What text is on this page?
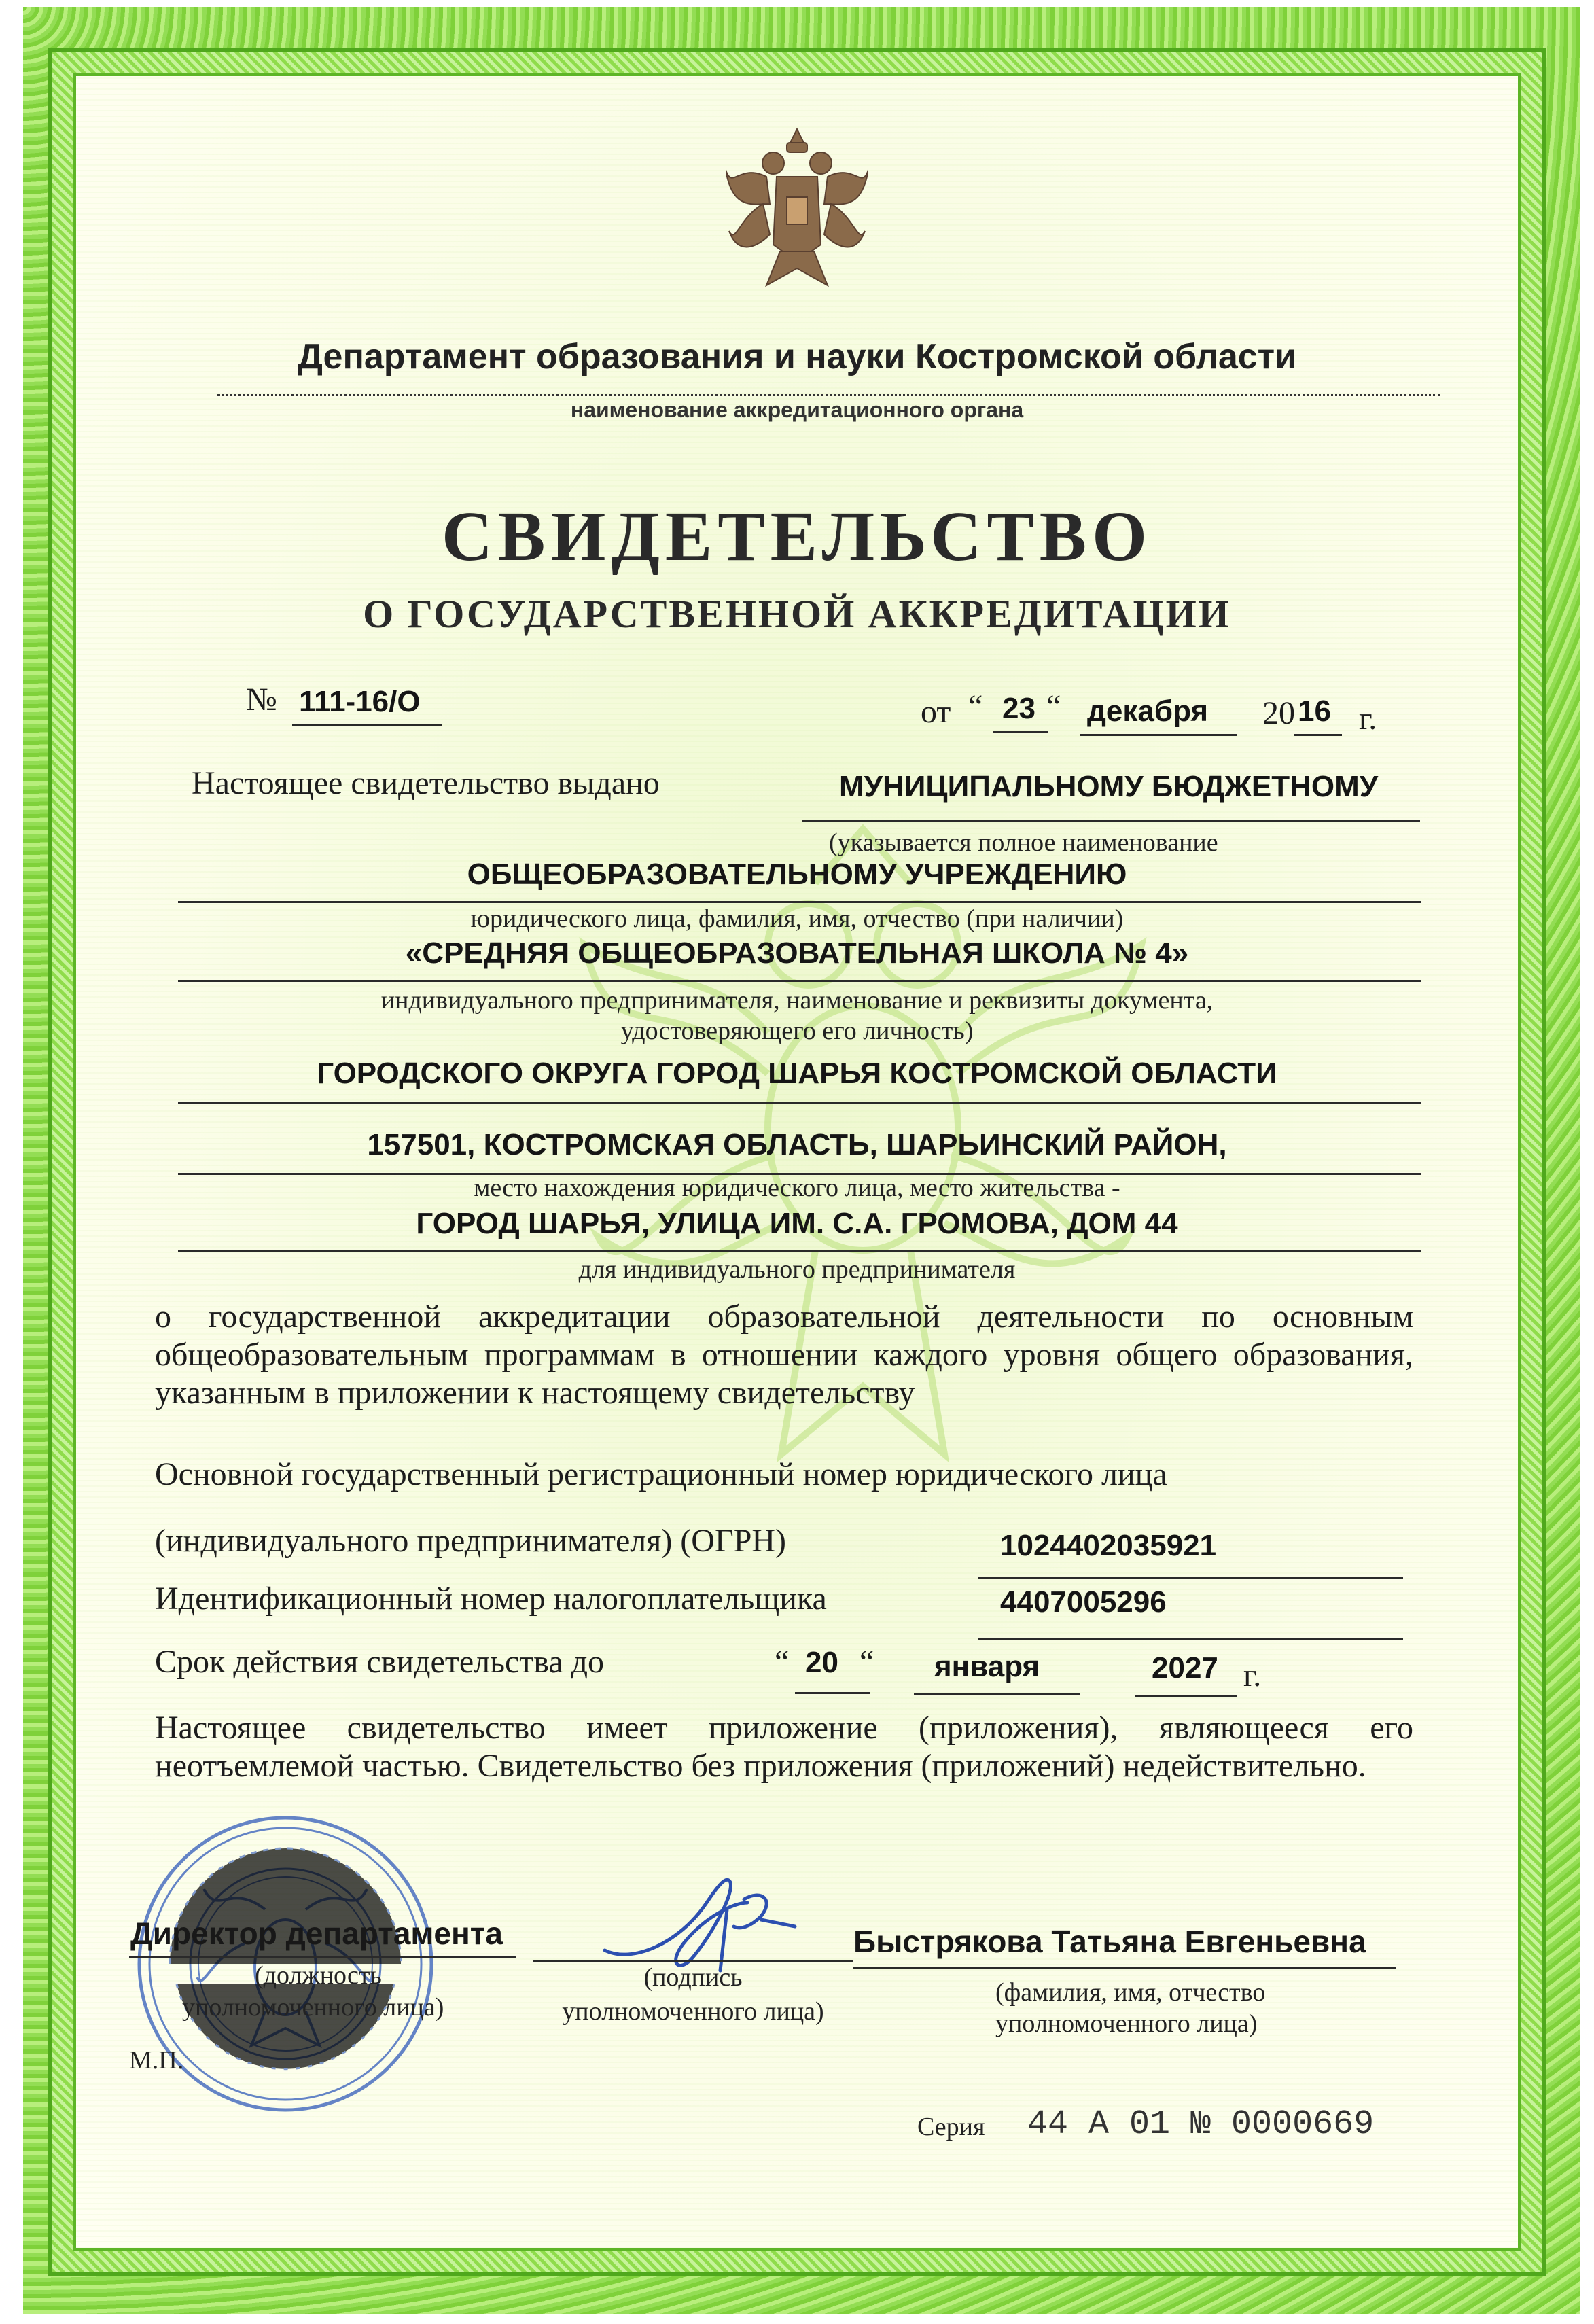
Департамент образования и науки Костромской области
наименование аккредитационного органа
СВИДЕТЕЛЬСТВО
О ГОСУДАРСТВЕННОЙ АККРЕДИТАЦИИ
№ 111-16/О	от “ 23 “ декабря 20 16 г.
Настоящее свидетельство выдано	МУНИЦИПАЛЬНОМУ БЮДЖЕТНОМУ
(указывается полное наименование
ОБЩЕОБРАЗОВАТЕЛЬНОМУ УЧРЕЖДЕНИЮ
юридического лица, фамилия, имя, отчество (при наличии)
«СРЕДНЯЯ ОБЩЕОБРАЗОВАТЕЛЬНАЯ ШКОЛА № 4»
индивидуального предпринимателя, наименование и реквизиты документа,
удостоверяющего его личность)
ГОРОДСКОГО ОКРУГА ГОРОД ШАРЬЯ КОСТРОМСКОЙ ОБЛАСТИ
157501, КОСТРОМСКАЯ ОБЛАСТЬ, ШАРЬИНСКИЙ РАЙОН,
место нахождения юридического лица, место жительства -
ГОРОД ШАРЬЯ, УЛИЦА ИМ. С.А. ГРОМОВА, ДОМ 44
для индивидуального предпринимателя
о государственной аккредитации образовательной деятельности по основным общеобразовательным программам в отношении каждого уровня общего образования, указанным в приложении к настоящему свидетельству
Основной государственный регистрационный номер юридического лица
(индивидуального предпринимателя) (ОГРН)	1024402035921
Идентификационный номер налогоплательщика	4407005296
Срок действия свидетельства до	“ 20 “ января	2027 г.
Настоящее свидетельство имеет приложение (приложения), являющееся его неотъемлемой частью. Свидетельство без приложения (приложений) недействительно.
Директор департамента
(должность
уполномоченного лица)
(подпись
уполномоченного лица)
Быстрякова Татьяна Евгеньевна
(фамилия, имя, отчество
уполномоченного лица)
М.П.
Серия 44 А 01 № 0000669
